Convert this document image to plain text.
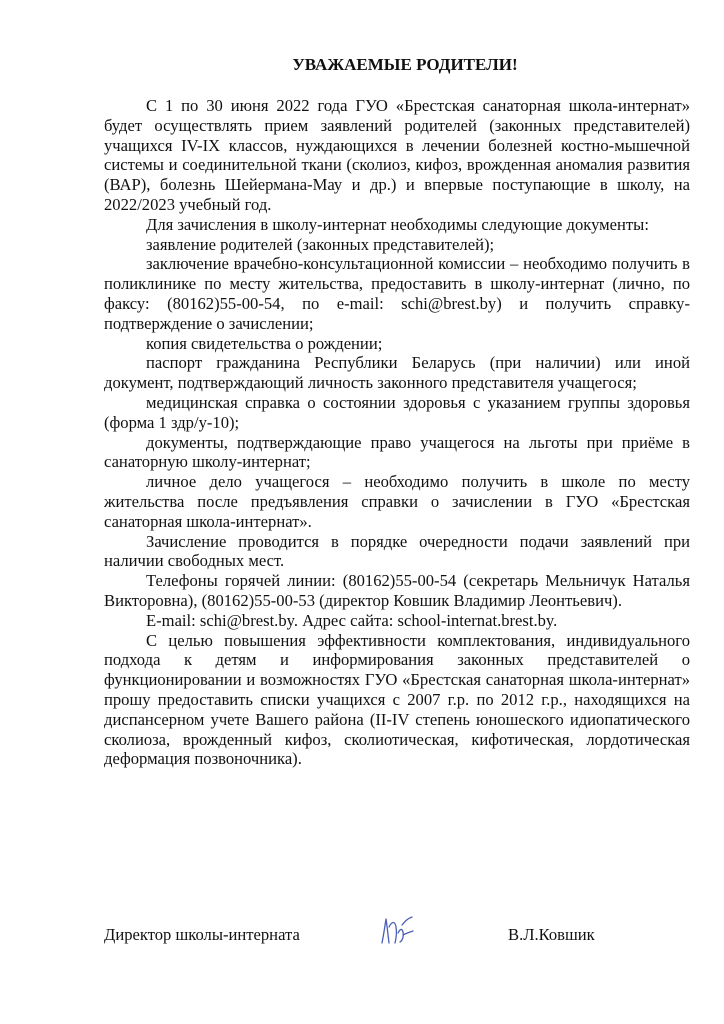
УВАЖАЕМЫЕ РОДИТЕЛИ!

С 1 по 30 июня 2022 года ГУО «Брестская санаторная школа-интернат» будет осуществлять прием заявлений родителей (законных представителей) учащихся IV-IX классов, нуждающихся в лечении болезней костно-мышечной системы и соединительной ткани (сколиоз, кифоз, врожденная аномалия развития (ВАР), болезнь Шейермана-Мау и др.) и впервые поступающие в школу, на 2022/2023 учебный год.

Для зачисления в школу-интернат необходимы следующие документы:

заявление родителей (законных представителей);

заключение врачебно-консультационной комиссии – необходимо получить в поликлинике по месту жительства, предоставить в школу-интернат (лично, по факсу: (80162)55-00-54, по e-mail: schi@brest.by) и получить справку-подтверждение о зачислении;

копия свидетельства о рождении;

паспорт гражданина Республики Беларусь (при наличии) или иной документ, подтверждающий личность законного представителя учащегося;

медицинская справка о состоянии здоровья с указанием группы здоровья (форма 1 здр/у-10);

документы, подтверждающие право учащегося на льготы при приёме в санаторную школу-интернат;

личное дело учащегося – необходимо получить в школе по месту жительства после предъявления справки о зачислении в ГУО «Брестская санаторная школа-интернат».

Зачисление проводится в порядке очередности подачи заявлений при наличии свободных мест.

Телефоны горячей линии: (80162)55-00-54 (секретарь Мельничук Наталья Викторовна), (80162)55-00-53 (директор Ковшик Владимир Леонтьевич).

E-mail: schi@brest.by. Адрес сайта: school-internat.brest.by.

С целью повышения эффективности комплектования, индивидуального подхода к детям и информирования законных представителей о функционировании и возможностях ГУО «Брестская санаторная школа-интернат» прошу предоставить списки учащихся с 2007 г.р. по 2012 г.р., находящихся на диспансерном учете Вашего района (II-IV степень юношеского идиопатического сколиоза, врожденный кифоз, сколиотическая, кифотическая, лордотическая деформация позвоночника).

Директор школы-интерната	В.Л.Ковшик
